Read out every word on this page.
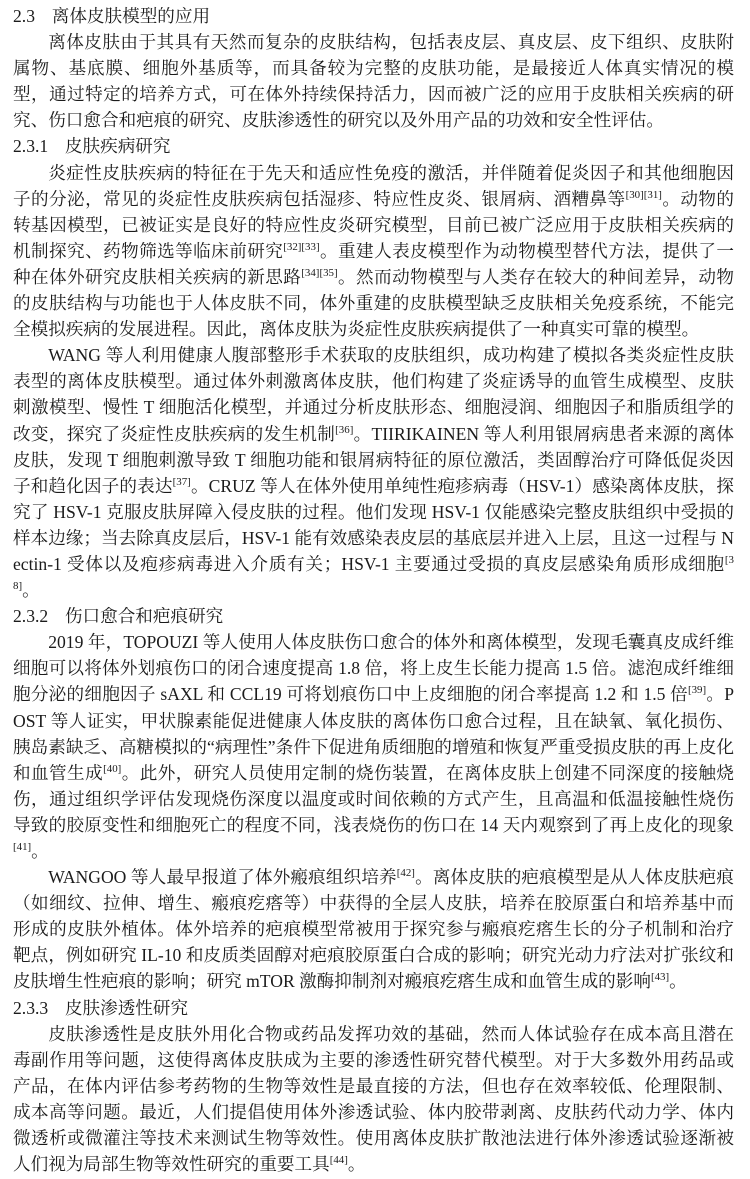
2.3 离体皮肤模型的应用

离体皮肤由于其具有天然而复杂的皮肤结构，包括表皮层、真皮层、皮下组织、皮肤附属物、基底膜、细胞外基质等，而具备较为完整的皮肤功能，是最接近人体真实情况的模型，通过特定的培养方式，可在体外持续保持活力，因而被广泛的应用于皮肤相关疾病的研究、伤口愈合和疤痕的研究、皮肤渗透性的研究以及外用产品的功效和安全性评估。

2.3.1 皮肤疾病研究

炎症性皮肤疾病的特征在于先天和适应性免疫的激活，并伴随着促炎因子和其他细胞因子的分泌，常见的炎症性皮肤疾病包括湿疹、特应性皮炎、银屑病、酒糟鼻等[30][31]。动物的转基因模型，已被证实是良好的特应性皮炎研究模型，目前已被广泛应用于皮肤相关疾病的机制探究、药物筛选等临床前研究[32][33]。重建人表皮模型作为动物模型替代方法，提供了一种在体外研究皮肤相关疾病的新思路[34][35]。然而动物模型与人类存在较大的种间差异，动物的皮肤结构与功能也于人体皮肤不同，体外重建的皮肤模型缺乏皮肤相关免疫系统，不能完全模拟疾病的发展进程。因此，离体皮肤为炎症性皮肤疾病提供了一种真实可靠的模型。

WANG 等人利用健康人腹部整形手术获取的皮肤组织，成功构建了模拟各类炎症性皮肤表型的离体皮肤模型。通过体外刺激离体皮肤，他们构建了炎症诱导的血管生成模型、皮肤刺激模型、慢性 T 细胞活化模型，并通过分析皮肤形态、细胞浸润、细胞因子和脂质组学的改变，探究了炎症性皮肤疾病的发生机制[36]。TIIRIKAINEN 等人利用银屑病患者来源的离体皮肤，发现 T 细胞刺激导致 T 细胞功能和银屑病特征的原位激活，类固醇治疗可降低促炎因子和趋化因子的表达[37]。CRUZ 等人在体外使用单纯性疱疹病毒（HSV-1）感染离体皮肤，探究了 HSV-1 克服皮肤屏障入侵皮肤的过程。他们发现 HSV-1 仅能感染完整皮肤组织中受损的样本边缘；当去除真皮层后，HSV-1 能有效感染表皮层的基底层并进入上层，且这一过程与 Nectin-1 受体以及疱疹病毒进入介质有关；HSV-1 主要通过受损的真皮层感染角质形成细胞[38]。

2.3.2 伤口愈合和疤痕研究

2019 年，TOPOUZI 等人使用人体皮肤伤口愈合的体外和离体模型，发现毛囊真皮成纤维细胞可以将体外划痕伤口的闭合速度提高 1.8 倍，将上皮生长能力提高 1.5 倍。滤泡成纤维细胞分泌的细胞因子 sAXL 和 CCL19 可将划痕伤口中上皮细胞的闭合率提高 1.2 和 1.5 倍[39]。POST 等人证实，甲状腺素能促进健康人体皮肤的离体伤口愈合过程，且在缺氧、氧化损伤、胰岛素缺乏、高糖模拟的“病理性”条件下促进角质细胞的增殖和恢复严重受损皮肤的再上皮化和血管生成[40]。此外，研究人员使用定制的烧伤装置，在离体皮肤上创建不同深度的接触烧伤，通过组织学评估发现烧伤深度以温度或时间依赖的方式产生，且高温和低温接触性烧伤导致的胶原变性和细胞死亡的程度不同，浅表烧伤的伤口在 14 天内观察到了再上皮化的现象[41]。

WANGOO 等人最早报道了体外瘢痕组织培养[42]。离体皮肤的疤痕模型是从人体皮肤疤痕（如细纹、拉伸、增生、瘢痕疙瘩等）中获得的全层人皮肤，培养在胶原蛋白和培养基中而形成的皮肤外植体。体外培养的疤痕模型常被用于探究参与瘢痕疙瘩生长的分子机制和治疗靶点，例如研究 IL-10 和皮质类固醇对疤痕胶原蛋白合成的影响；研究光动力疗法对扩张纹和皮肤增生性疤痕的影响；研究 mTOR 激酶抑制剂对瘢痕疙瘩生成和血管生成的影响[43]。

2.3.3 皮肤渗透性研究

皮肤渗透性是皮肤外用化合物或药品发挥功效的基础，然而人体试验存在成本高且潜在毒副作用等问题，这使得离体皮肤成为主要的渗透性研究替代模型。对于大多数外用药品或产品，在体内评估参考药物的生物等效性是最直接的方法，但也存在效率较低、伦理限制、成本高等问题。最近，人们提倡使用体外渗透试验、体内胶带剥离、皮肤药代动力学、体内微透析或微灌注等技术来测试生物等效性。使用离体皮肤扩散池法进行体外渗透试验逐渐被人们视为局部生物等效性研究的重要工具[44]。
